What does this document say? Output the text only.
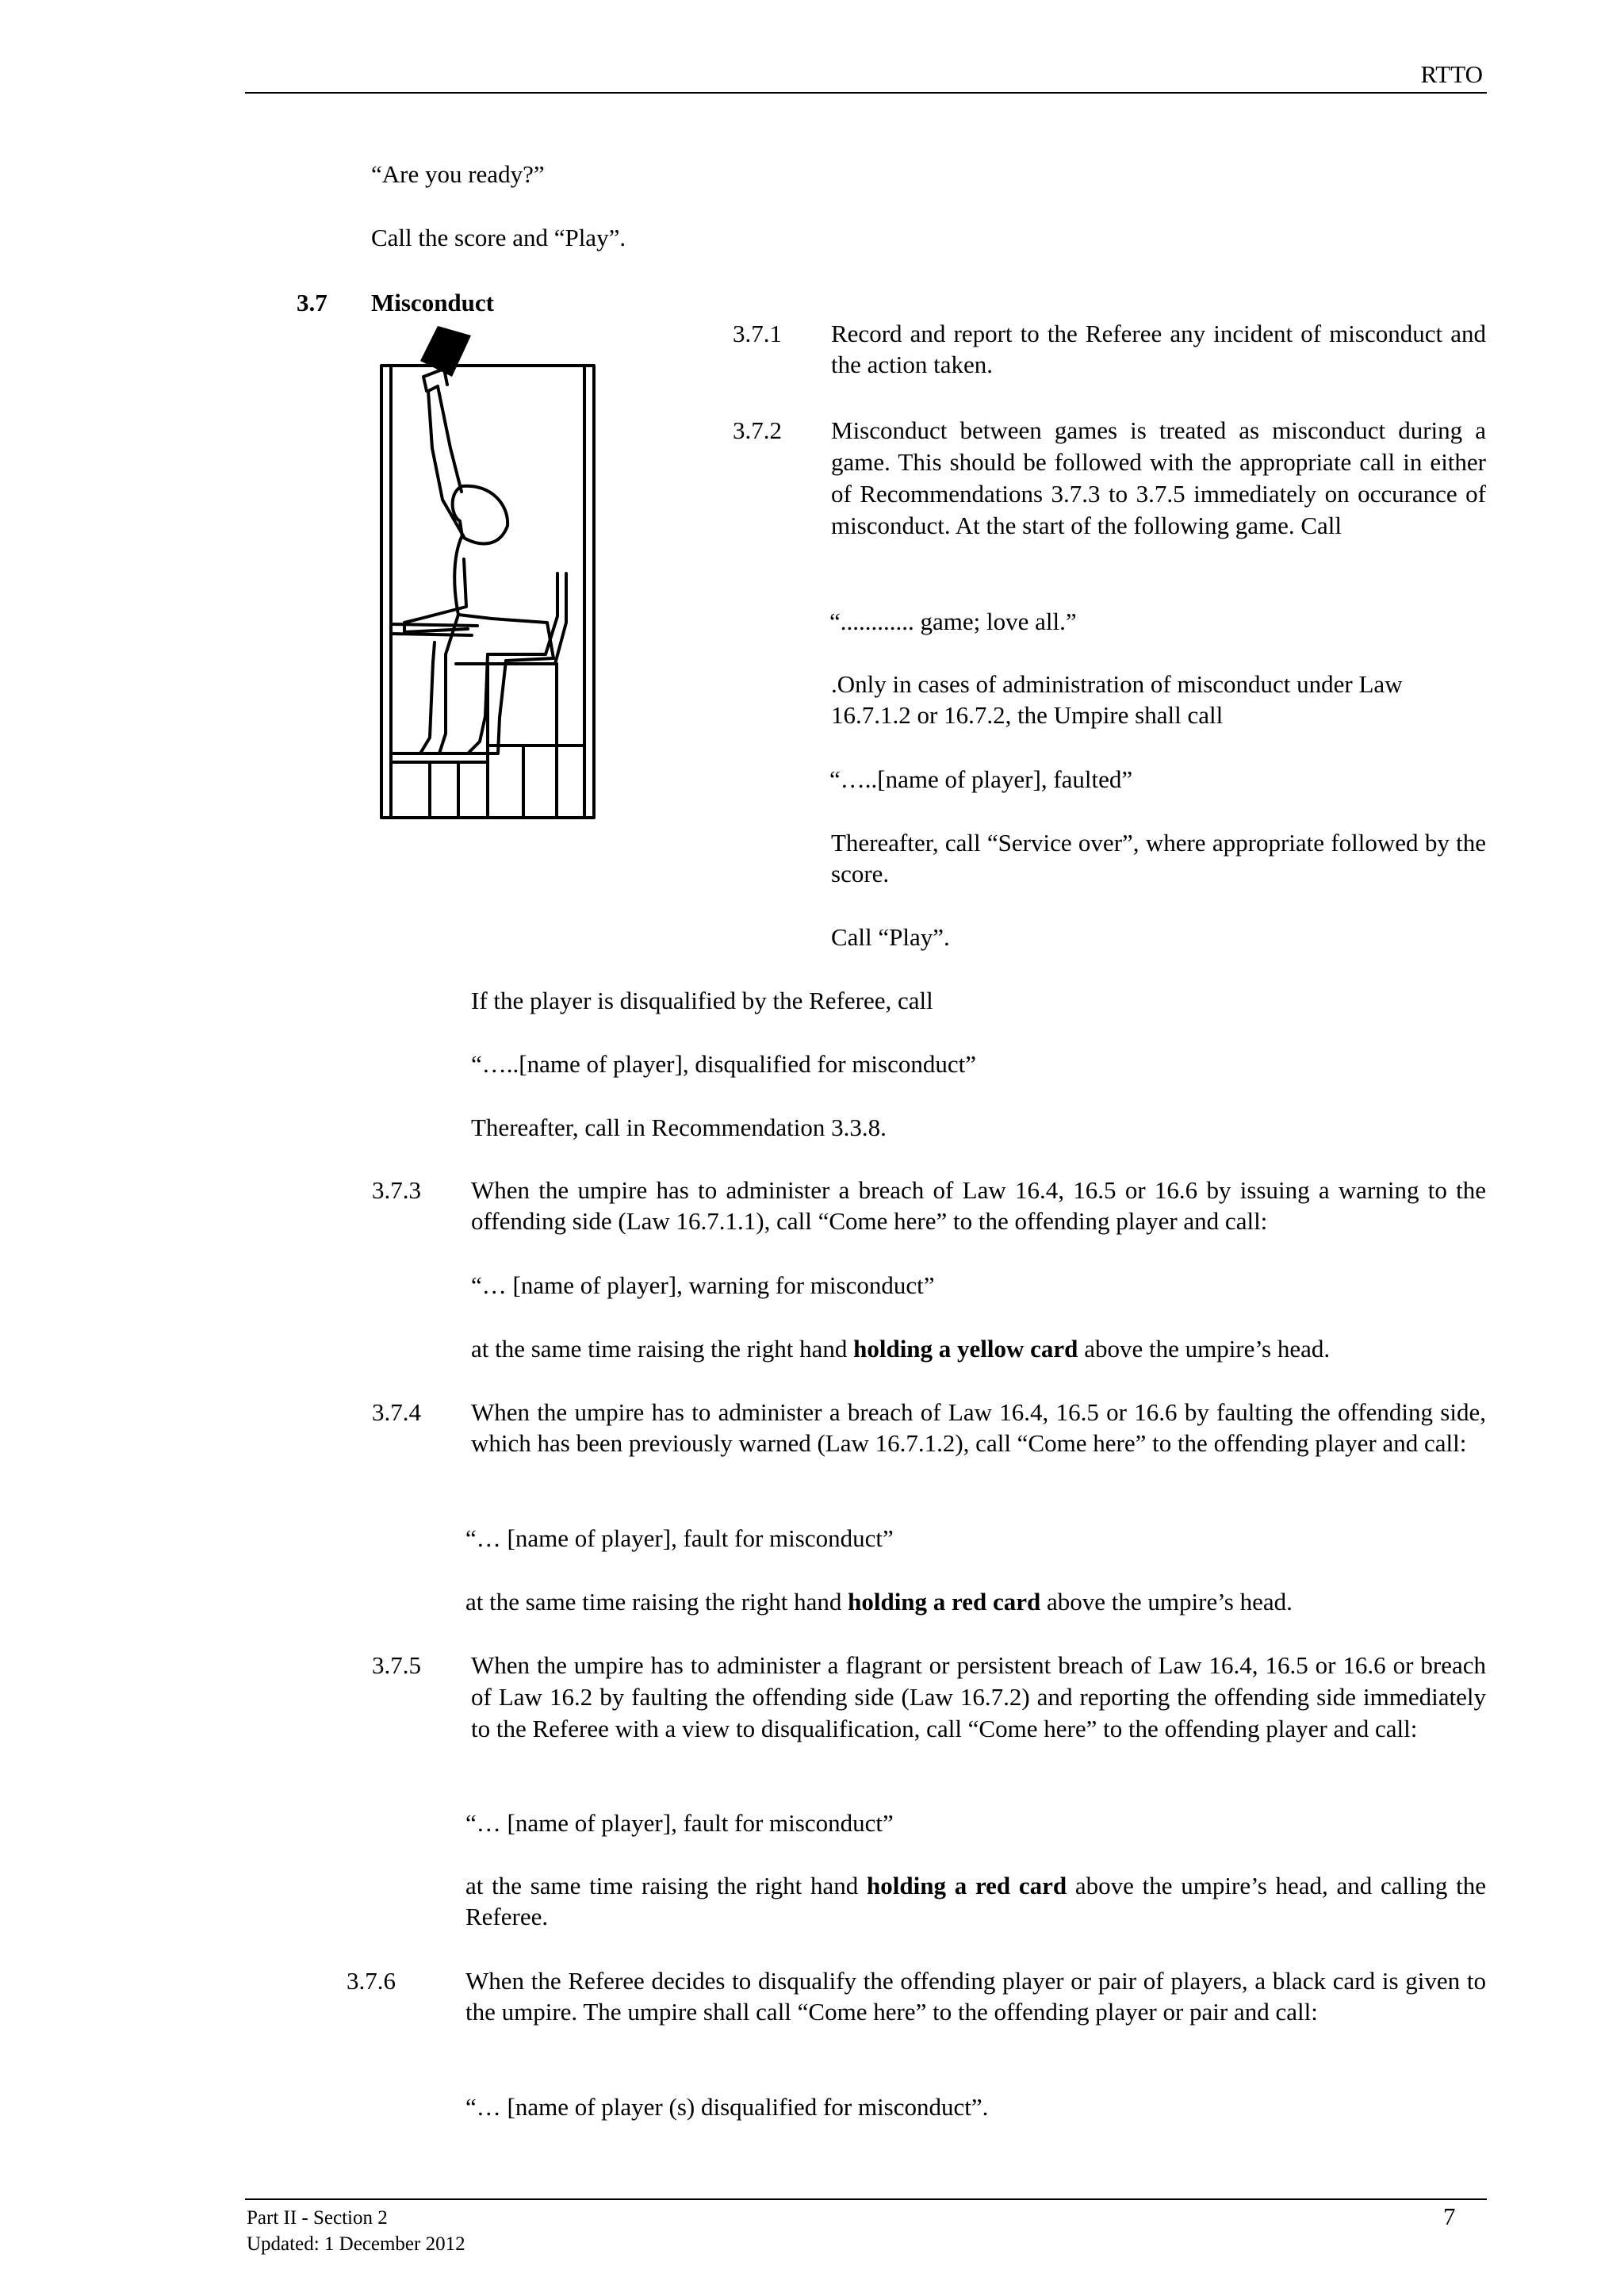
RTTO
“Are you ready?”
Call the score and “Play”.
3.7 Misconduct
3.7.1 Record and report to the Referee any incident of misconduct and the action taken.
3.7.2 Misconduct between games is treated as misconduct during a game. This should be followed with the appropriate call in either of Recommendations 3.7.3 to 3.7.5 immediately on occurance of misconduct. At the start of the following game. Call
“............ game; love all.”
.Only in cases of administration of misconduct under Law 16.7.1.2 or 16.7.2, the Umpire shall call
“…..[name of player], faulted”
Thereafter, call “Service over”, where appropriate followed by the score.
Call “Play”.
If the player is disqualified by the Referee, call
“…..[name of player], disqualified for misconduct”
Thereafter, call in Recommendation 3.3.8.
3.7.3 When the umpire has to administer a breach of Law 16.4, 16.5 or 16.6 by issuing a warning to the offending side (Law 16.7.1.1), call “Come here” to the offending player and call:
“… [name of player], warning for misconduct”
at the same time raising the right hand holding a yellow card above the umpire’s head.
3.7.4 When the umpire has to administer a breach of Law 16.4, 16.5 or 16.6 by faulting the offending side, which has been previously warned (Law 16.7.1.2), call “Come here” to the offending player and call:
“… [name of player], fault for misconduct”
at the same time raising the right hand holding a red card above the umpire’s head.
3.7.5 When the umpire has to administer a flagrant or persistent breach of Law 16.4, 16.5 or 16.6 or breach of Law 16.2 by faulting the offending side (Law 16.7.2) and reporting the offending side immediately to the Referee with a view to disqualification, call “Come here” to the offending player and call:
“… [name of player], fault for misconduct”
at the same time raising the right hand holding a red card above the umpire’s head, and calling the Referee.
3.7.6	When the Referee decides to disqualify the offending player or pair of players, a black card is given to the umpire. The umpire shall call “Come here” to the offending player or pair and call:
“… [name of player (s) disqualified for misconduct”.
Part II - Section 2
Updated: 1 December 2012
7
